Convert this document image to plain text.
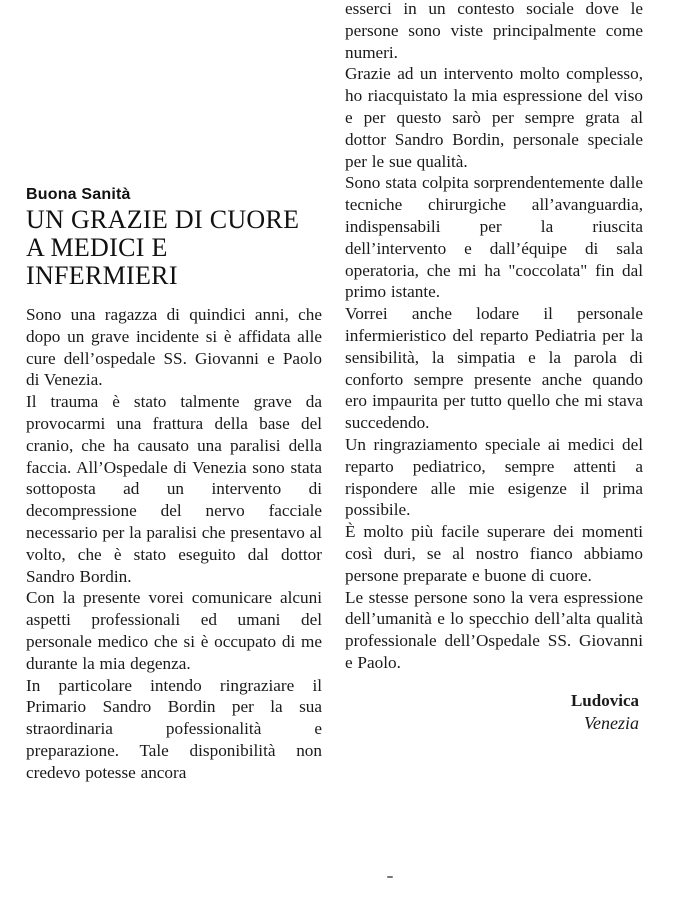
Buona Sanità
UN GRAZIE DI CUORE
A MEDICI E INFERMIERI

Sono una ragazza di quindici anni, che dopo un grave incidente si è affidata alle cure dell’ospedale SS. Giovanni e Paolo di Venezia.

Il trauma è stato talmente grave da provocarmi una frattura della base del cranio, che ha causato una paralisi della faccia. All’Ospedale di Venezia sono stata sottoposta ad un intervento di decompressione del nervo facciale necessario per la paralisi che presentavo al volto, che è stato eseguito dal dottor Sandro Bordin.

Con la presente vorei comunicare alcuni aspetti professionali ed umani del personale medico che si è occupato di me durante la mia degenza.

In particolare intendo ringraziare il Primario Sandro Bordin per la sua straordinaria pofessionalità e preparazione. Tale disponibilità non credevo potesse ancora

esserci in un contesto sociale dove le persone sono viste principalmente come numeri.

Grazie ad un intervento molto complesso, ho riacquistato la mia espressione del viso e per questo sarò per sempre grata al dottor Sandro Bordin, personale speciale per le sue qualità.

Sono stata colpita sorprendentemente dalle tecniche chirurgiche all’avanguardia, indispensabili per la riuscita dell’intervento e dall’équipe di sala operatoria, che mi ha "coccolata" fin dal primo istante.

Vorrei anche lodare il personale infermieristico del reparto Pediatria per la sensibilità, la simpatia e la parola di conforto sempre presente anche quando ero impaurita per tutto quello che mi stava succedendo.

Un ringraziamento speciale ai medici del reparto pediatrico, sempre attenti a rispondere alle mie esigenze il prima possibile.

È molto più facile superare dei momenti così duri, se al nostro fianco abbiamo persone preparate e buone di cuore.

Le stesse persone sono la vera espressione dell’umanità e lo specchio dell’alta qualità professionale dell’Ospedale SS. Giovanni e Paolo.

Ludovica
Venezia
